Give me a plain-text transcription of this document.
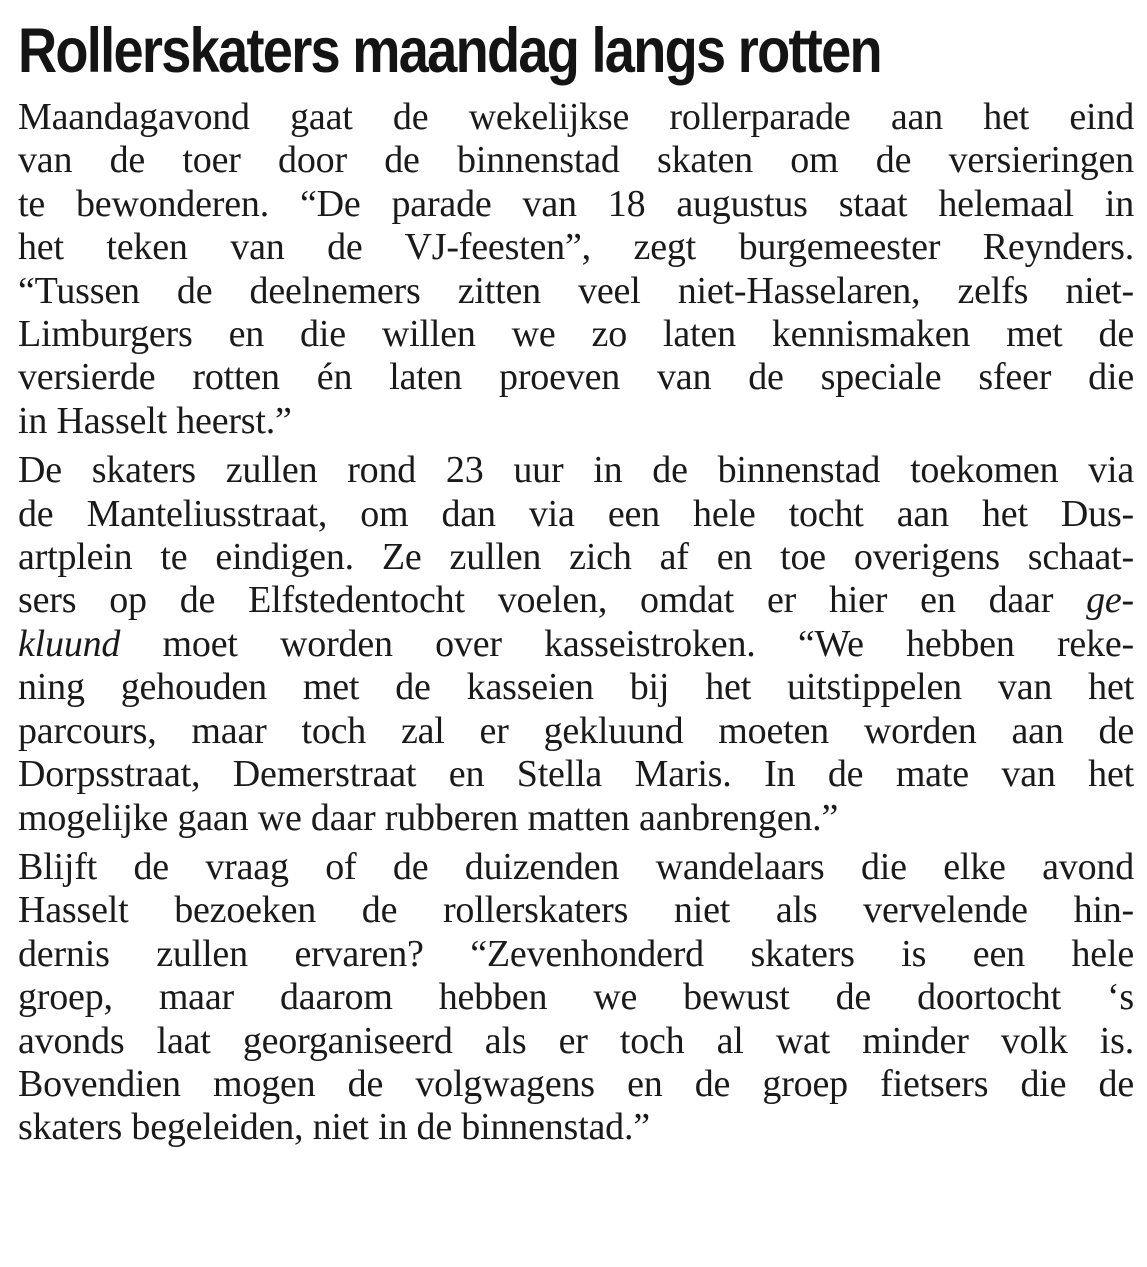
Rollerskaters maandag langs rotten
Maandagavond gaat de wekelijkse rollerparade aan het eind
van de toer door de binnenstad skaten om de versieringen
te bewonderen. “De parade van 18 augustus staat helemaal in
het teken van de VJ-feesten”, zegt burgemeester Reynders.
“Tussen de deelnemers zitten veel niet-Hasselaren, zelfs niet-
Limburgers en die willen we zo laten kennismaken met de
versierde rotten én laten proeven van de speciale sfeer die
in Hasselt heerst.”
De skaters zullen rond 23 uur in de binnenstad toekomen via
de Manteliusstraat, om dan via een hele tocht aan het Dus-
artplein te eindigen. Ze zullen zich af en toe overigens schaat-
sers op de Elfstedentocht voelen, omdat er hier en daar ge-
kluund moet worden over kasseistroken. “We hebben reke-
ning gehouden met de kasseien bij het uitstippelen van het
parcours, maar toch zal er gekluund moeten worden aan de
Dorpsstraat, Demerstraat en Stella Maris. In de mate van het
mogelijke gaan we daar rubberen matten aanbrengen.”
Blijft de vraag of de duizenden wandelaars die elke avond
Hasselt bezoeken de rollerskaters niet als vervelende hin-
dernis zullen ervaren? “Zevenhonderd skaters is een hele
groep, maar daarom hebben we bewust de doortocht ‘s
avonds laat georganiseerd als er toch al wat minder volk is.
Bovendien mogen de volgwagens en de groep fietsers die de
skaters begeleiden, niet in de binnenstad.”
